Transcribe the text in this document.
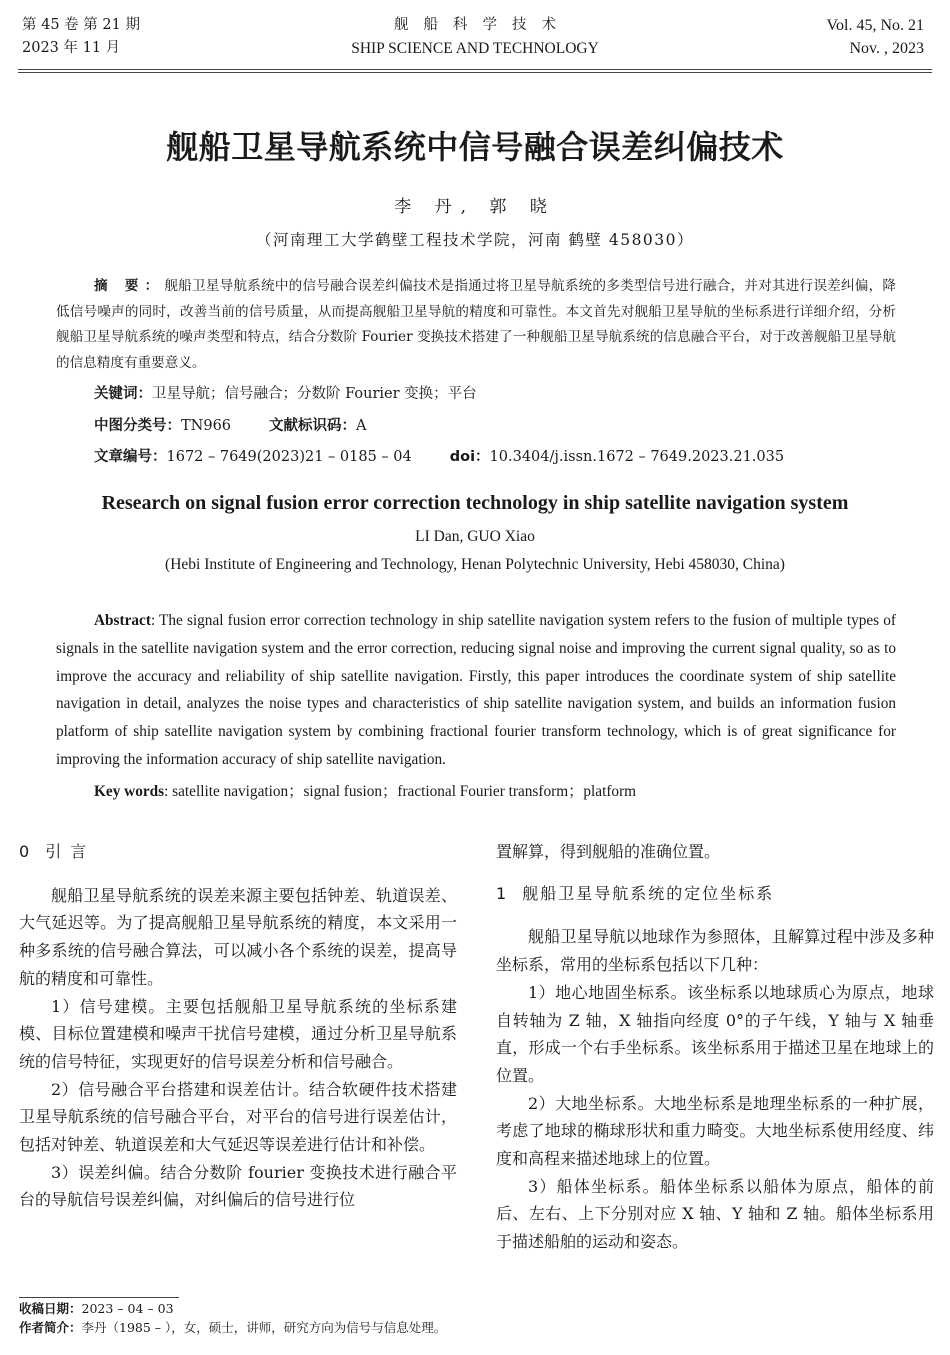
第 45 卷 第 21 期
2023 年 11 月
舰船科学技术
SHIP SCIENCE AND TECHNOLOGY
Vol. 45, No. 21
Nov. , 2023
舰船卫星导航系统中信号融合误差纠偏技术
李 丹, 郭 晓
（河南理工大学鹤壁工程技术学院，河南 鹤壁 458030）
摘 要：舰船卫星导航系统中的信号融合误差纠偏技术是指通过将卫星导航系统的多类型信号进行融合，并对其进行误差纠偏，降低信号噪声的同时，改善当前的信号质量，从而提高舰船卫星导航的精度和可靠性。本文首先对舰船卫星导航的坐标系进行详细介绍，分析舰船卫星导航系统的噪声类型和特点，结合分数阶 Fourier 变换技术搭建了一种舰船卫星导航系统的信息融合平台，对于改善舰船卫星导航的信息精度有重要意义。
关键词：卫星导航；信号融合；分数阶 Fourier 变换；平台
中图分类号：TN966	文献标识码：A
文章编号：1672 – 7649(2023)21 – 0185 – 04	doi：10.3404/j.issn.1672 – 7649.2023.21.035
Research on signal fusion error correction technology in ship satellite navigation system
LI Dan, GUO Xiao
(Hebi Institute of Engineering and Technology, Henan Polytechnic University, Hebi 458030, China)
Abstract: The signal fusion error correction technology in ship satellite navigation system refers to the fusion of multiple types of signals in the satellite navigation system and the error correction, reducing signal noise and improving the current signal quality, so as to improve the accuracy and reliability of ship satellite navigation. Firstly, this paper introduces the coordinate system of ship satellite navigation in detail, analyzes the noise types and characteristics of ship satellite navigation system, and builds an information fusion platform of ship satellite navigation system by combining fractional fourier transform technology, which is of great significance for improving the information accuracy of ship satellite navigation.
Key words: satellite navigation；signal fusion；fractional Fourier transform；platform
0 引 言

舰船卫星导航系统的误差来源主要包括钟差、轨道误差、大气延迟等。为了提高舰船卫星导航系统的精度，本文采用一种多系统的信号融合算法，可以减小各个系统的误差，提高导航的精度和可靠性。

1）信号建模。主要包括舰船卫星导航系统的坐标系建模、目标位置建模和噪声干扰信号建模，通过分析卫星导航系统的信号特征，实现更好的信号误差分析和信号融合。

2）信号融合平台搭建和误差估计。结合软硬件技术搭建卫星导航系统的信号融合平台，对平台的信号进行误差估计，包括对钟差、轨道误差和大气延迟等误差进行估计和补偿。

3）误差纠偏。结合分数阶 fourier 变换技术进行融合平台的导航信号误差纠偏，对纠偏后的信号进行位

置解算，得到舰船的准确位置。

1 舰船卫星导航系统的定位坐标系

舰船卫星导航以地球作为参照体，且解算过程中涉及多种坐标系，常用的坐标系包括以下几种：

1）地心地固坐标系。该坐标系以地球质心为原点，地球自转轴为 Z 轴，X 轴指向经度 0°的子午线，Y 轴与 X 轴垂直，形成一个右手坐标系。该坐标系用于描述卫星在地球上的位置。

2）大地坐标系。大地坐标系是地理坐标系的一种扩展，考虑了地球的椭球形状和重力畸变。大地坐标系使用经度、纬度和高程来描述地球上的位置。

3）船体坐标系。船体坐标系以船体为原点，船体的前后、左右、上下分别对应 X 轴、Y 轴和 Z 轴。船体坐标系用于描述船舶的运动和姿态。

收稿日期：2023 – 04 – 03
作者简介：李丹（1985 – ），女，硕士，讲师，研究方向为信号与信息处理。
